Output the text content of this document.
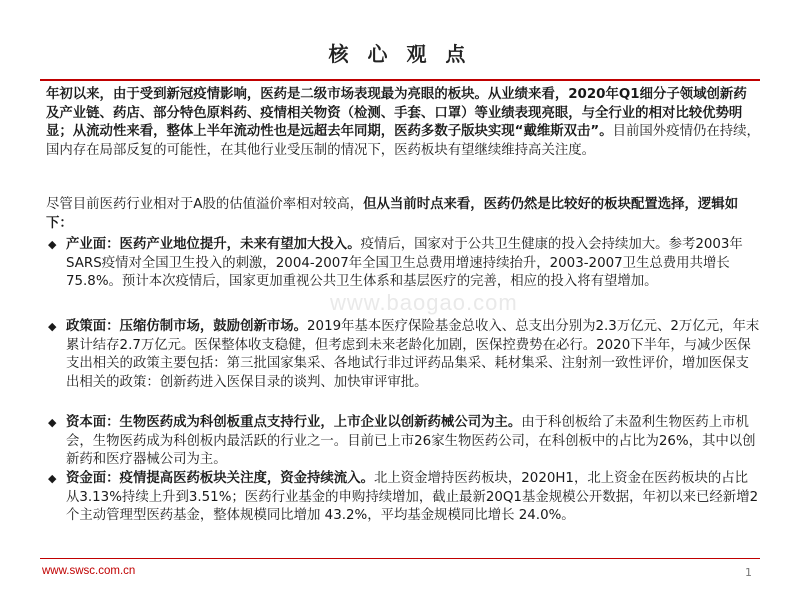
核 心 观 点
www.baogao.com
年初以来，由于受到新冠疫情影响，医药是二级市场表现最为亮眼的板块。从业绩来看，2020年Q1细分子领域创新药及产业链、药店、部分特色原料药、疫情相关物资（检测、手套、口罩）等业绩表现亮眼，与全行业的相对比较优势明显；从流动性来看，整体上半年流动性也是远超去年同期，医药多数子版块实现“戴维斯双击”。目前国外疫情仍在持续，国内存在局部反复的可能性，在其他行业受压制的情况下，医药板块有望继续维持高关注度。
尽管目前医药行业相对于A股的估值溢价率相对较高，但从当前时点来看，医药仍然是比较好的板块配置选择，逻辑如下：
◆ 产业面：医药产业地位提升，未来有望加大投入。疫情后，国家对于公共卫生健康的投入会持续加大。参考2003年SARS疫情对全国卫生投入的刺激，2004-2007年全国卫生总费用增速持续抬升，2003-2007卫生总费用共增长75.8%。预计本次疫情后，国家更加重视公共卫生体系和基层医疗的完善，相应的投入将有望增加。
◆ 政策面：压缩仿制市场，鼓励创新市场。2019年基本医疗保险基金总收入、总支出分别为2.3万亿元、2万亿元，年末累计结存2.7万亿元。医保整体收支稳健，但考虑到未来老龄化加剧，医保控费势在必行。2020下半年，与减少医保支出相关的政策主要包括：第三批国家集采、各地试行非过评药品集采、耗材集采、注射剂一致性评价，增加医保支出相关的政策：创新药进入医保目录的谈判、加快审评审批。
◆ 资本面：生物医药成为科创板重点支持行业，上市企业以创新药械公司为主。由于科创板给了未盈利生物医药上市机会，生物医药成为科创板内最活跃的行业之一。目前已上市26家生物医药公司，在科创板中的占比为26%，其中以创新药和医疗器械公司为主。
◆ 资金面：疫情提高医药板块关注度，资金持续流入。北上资金增持医药板块，2020H1，北上资金在医药板块的占比从3.13%持续上升到3.51%；医药行业基金的申购持续增加，截止最新20Q1基金规模公开数据，年初以来已经新增2个主动管理型医药基金，整体规模同比增加 43.2%，平均基金规模同比增长 24.0%。
www.swsc.com.cn	1
